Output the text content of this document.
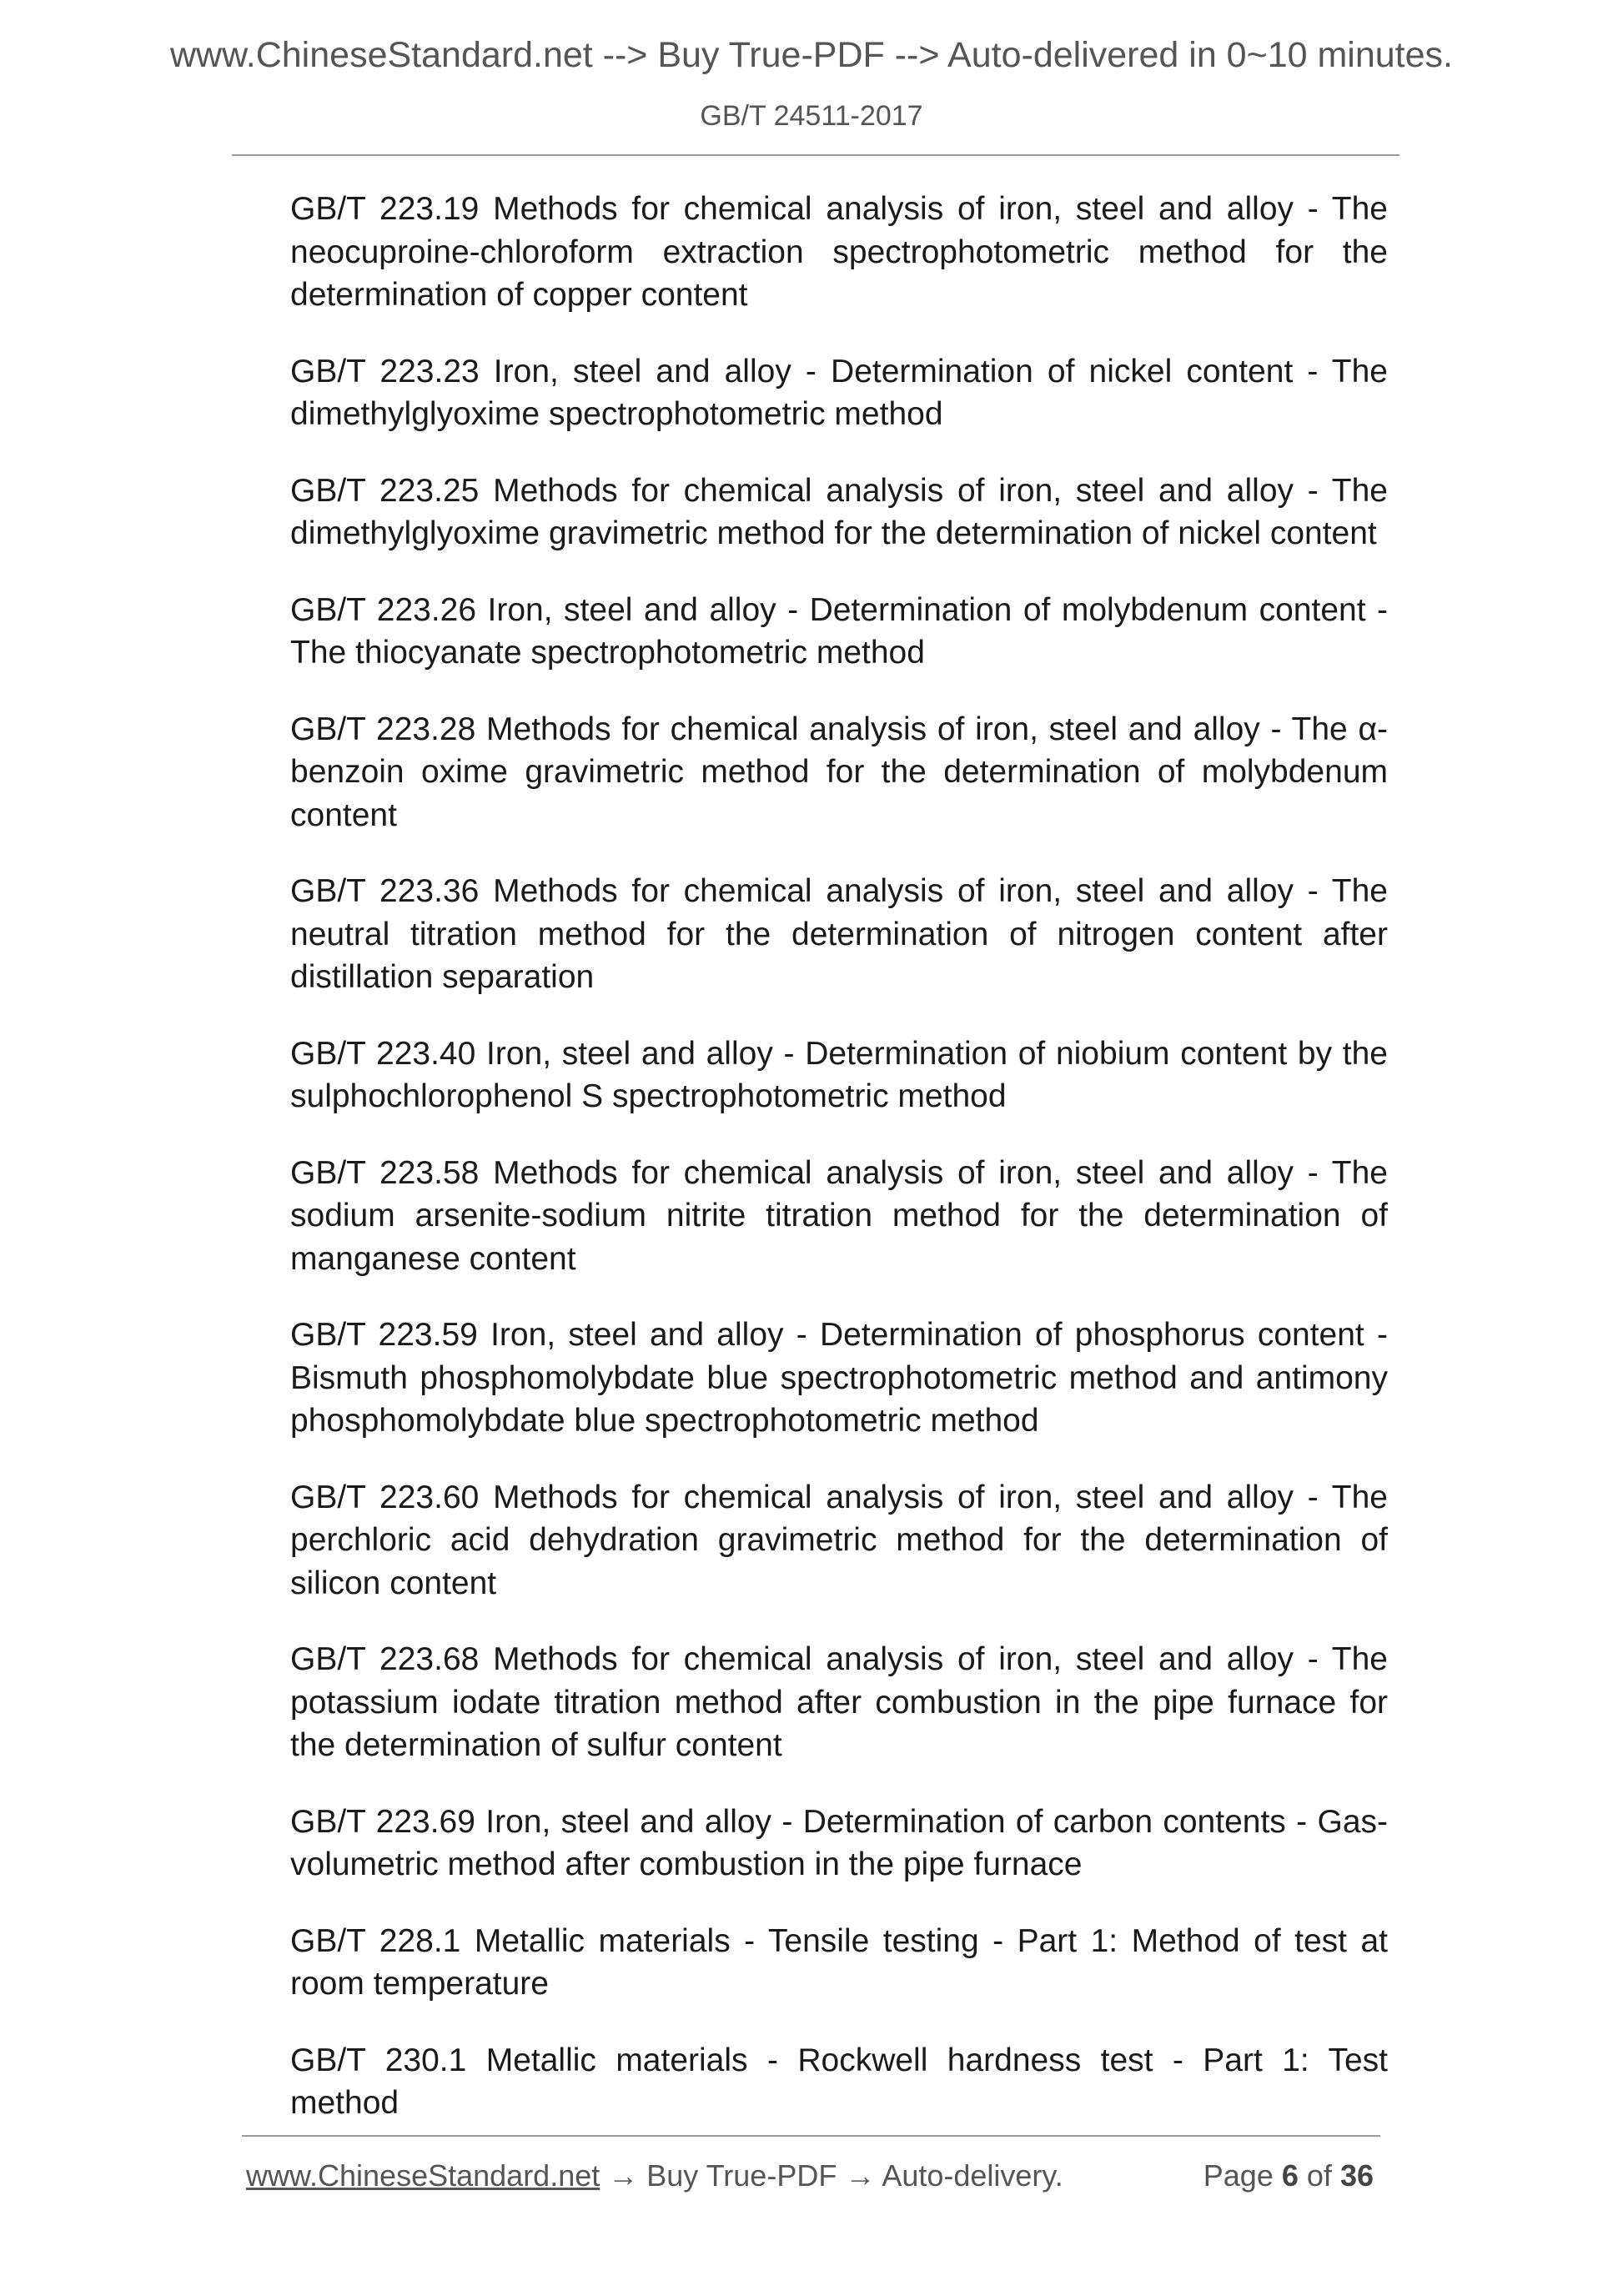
www.ChineseStandard.net --> Buy True-PDF --> Auto-delivered in 0~10 minutes.
GB/T 24511-2017

GB/T 223.19 Methods for chemical analysis of iron, steel and alloy - The neocuproine-chloroform extraction spectrophotometric method for the determination of copper content

GB/T 223.23 Iron, steel and alloy - Determination of nickel content - The dimethylglyoxime spectrophotometric method

GB/T 223.25 Methods for chemical analysis of iron, steel and alloy - The dimethylglyoxime gravimetric method for the determination of nickel content

GB/T 223.26 Iron, steel and alloy - Determination of molybdenum content - The thiocyanate spectrophotometric method

GB/T 223.28 Methods for chemical analysis of iron, steel and alloy - The α-benzoin oxime gravimetric method for the determination of molybdenum content

GB/T 223.36 Methods for chemical analysis of iron, steel and alloy - The neutral titration method for the determination of nitrogen content after distillation separation

GB/T 223.40 Iron, steel and alloy - Determination of niobium content by the sulphochlorophenol S spectrophotometric method

GB/T 223.58 Methods for chemical analysis of iron, steel and alloy - The sodium arsenite-sodium nitrite titration method for the determination of manganese content

GB/T 223.59 Iron, steel and alloy - Determination of phosphorus content - Bismuth phosphomolybdate blue spectrophotometric method and antimony phosphomolybdate blue spectrophotometric method

GB/T 223.60 Methods for chemical analysis of iron, steel and alloy - The perchloric acid dehydration gravimetric method for the determination of silicon content

GB/T 223.68 Methods for chemical analysis of iron, steel and alloy - The potassium iodate titration method after combustion in the pipe furnace for the determination of sulfur content

GB/T 223.69 Iron, steel and alloy - Determination of carbon contents - Gas-volumetric method after combustion in the pipe furnace

GB/T 228.1 Metallic materials - Tensile testing - Part 1: Method of test at room temperature

GB/T 230.1 Metallic materials - Rockwell hardness test - Part 1: Test method

www.ChineseStandard.net → Buy True-PDF → Auto-delivery.	Page 6 of 36
